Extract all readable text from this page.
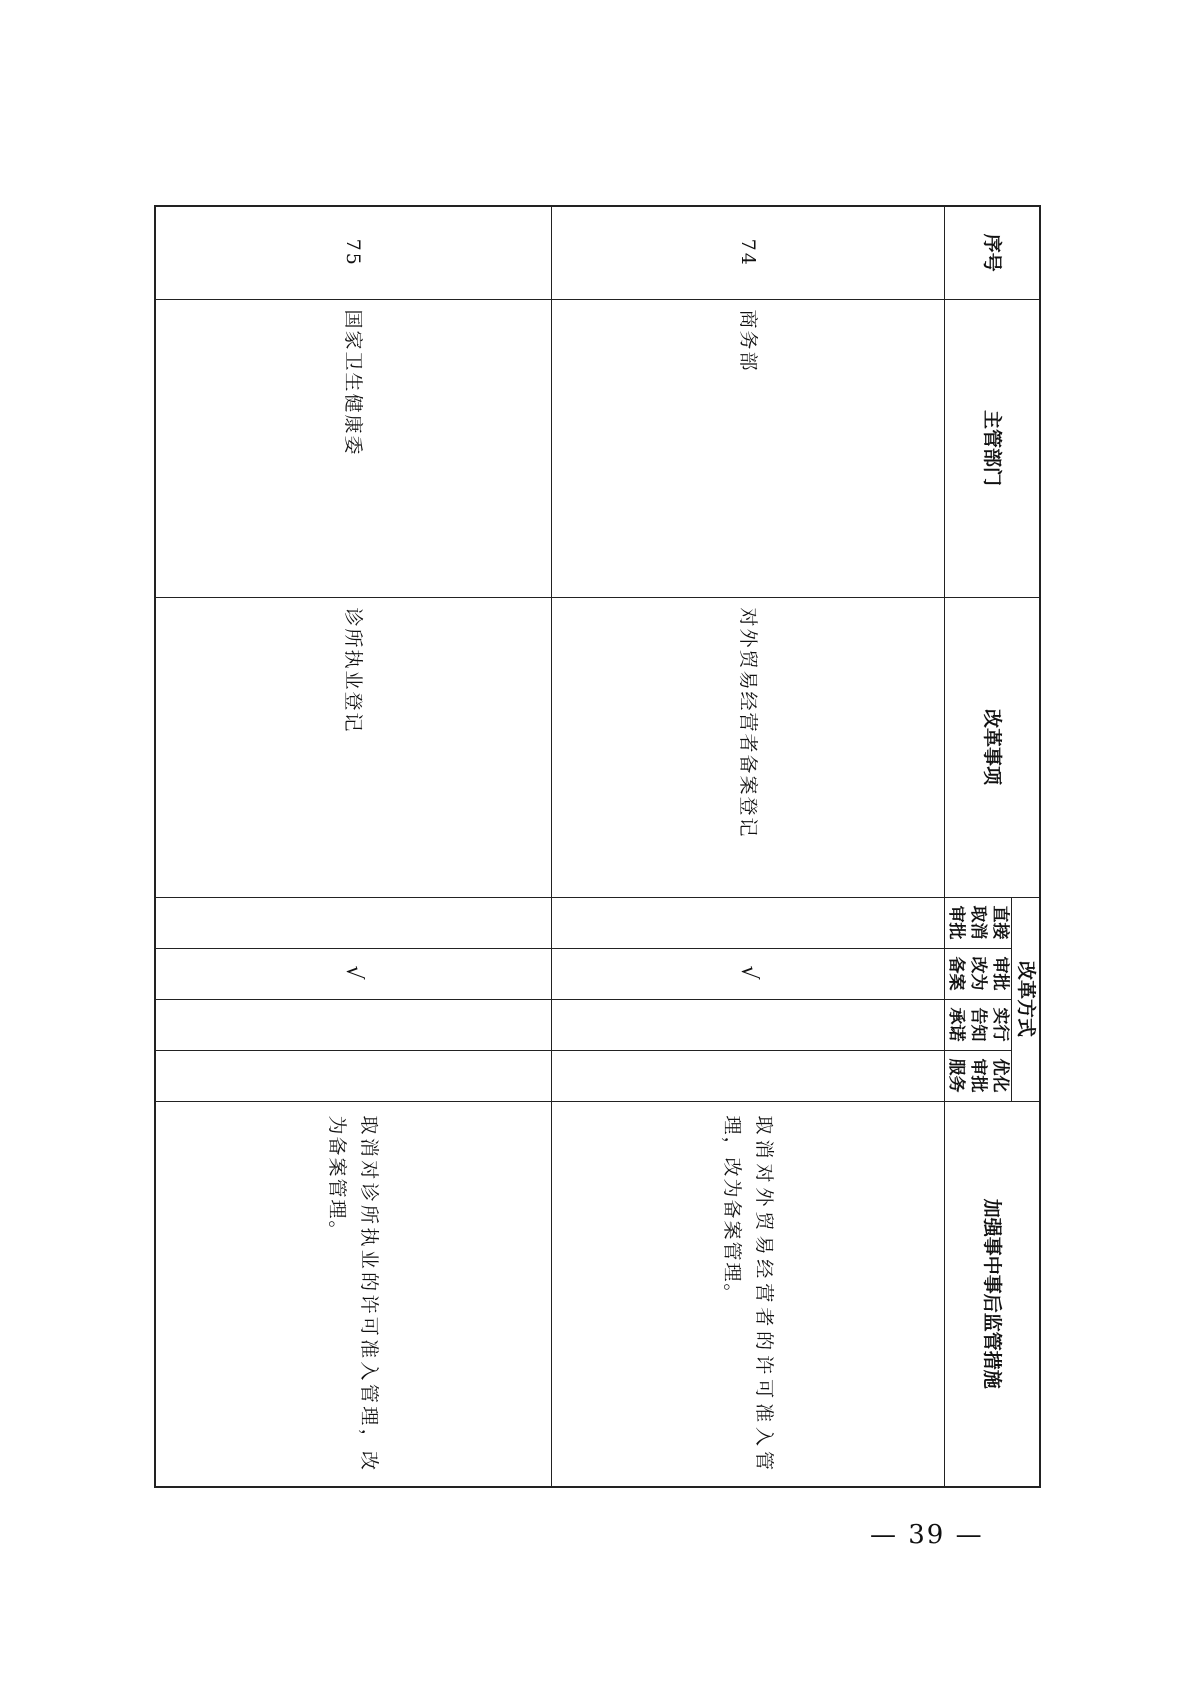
序号	主管部门	改革事项	改革方式				加强事中事后监管措施
			直接取消审批	审批改为备案	实行告知承诺	优化审批服务	
74	商务部	对外贸易经营者备案登记		√			取消对外贸易经营者的许可准入管理，改为备案管理。
75	国家卫生健康委	诊所执业登记		√			取消对诊所执业的许可准入管理，改为备案管理。
— 39 —
